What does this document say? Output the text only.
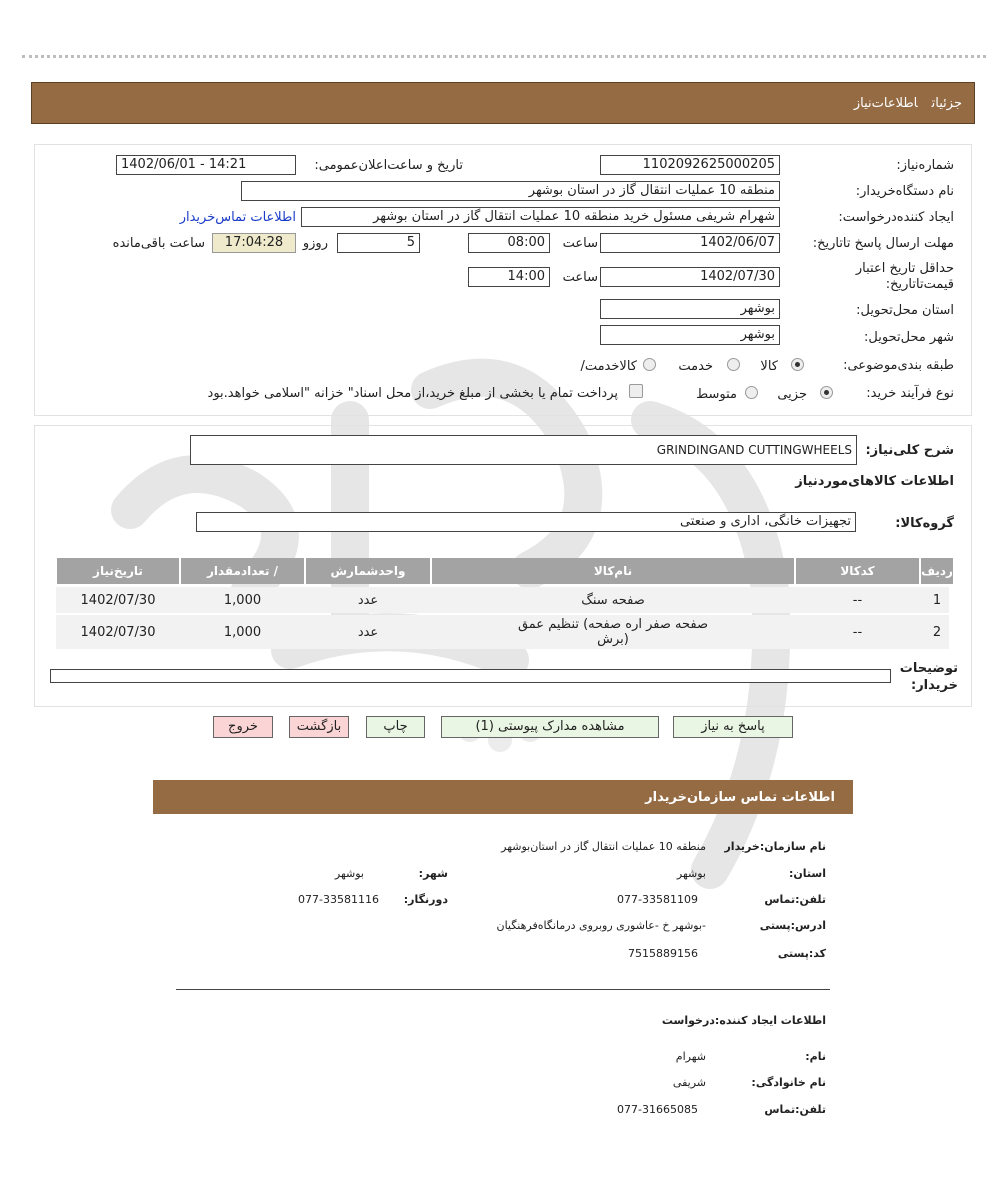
جزئیاتاطلاعات‌نیاز
شماره‌نیاز:
1102092625000205
تاریخ و ساعت‌اعلان‌عمومی:
1402/06/01 - 14:21
نام دستگاه‌خریدار:
منطقه 10 عملیات انتقال گاز در استان بوشهر
ایجاد کننده‌درخواست:
شهرام شریفی مسئول خرید منطقه 10 عملیات انتقال گاز در استان بوشهر
اطلاعات تماس‌خریدار
مهلت ارسال پاسخ تا‌تاریخ:
1402/06/07
ساعت
08:00
5
روزو
17:04:28
ساعت باقی‌مانده
حداقل تاریخ اعتبار قیمت‌تا‌تاریخ:
1402/07/30
ساعت
14:00
استان محل‌تحویل:
بوشهر
شهر محل‌تحویل:
بوشهر
طبقه بندی‌موضوعی:
کالا
خدمت
کالا‌خدمت/
نوع فرآیند خرید:
جزیی
متوسط
پرداخت تمام یا بخشی از مبلغ خرید،از محل اسناد" خزانه "اسلامی خواهد.بود
شرح کلی‌نیاز:
GRINDINGAND CUTTINGWHEELS
اطلاعات کالاهای‌موردنیاز
گروه‌کالا:
تجهیزات خانگی، اداری و صنعتی
ردیف
کدکالا
نام‌کالا
واحدشمارش
تعدادمقدار /
تاریخ‌نیاز
1
--
صفحه سنگ
عدد
1,000
1402/07/30
2
--
صفحه صفر اره صفحه) تنظیم عمق (برش
عدد
1,000
1402/07/30
توضیحات خریدار:
پاسخ به نیاز
مشاهده مدارک پیوستی (1)
چاپ
بازگشت
خروج
اطلاعات تماس سازمان‌خریدار
نام سازمان:‌خریدار
منطقه 10 عملیات انتقال گاز در استان‌بوشهر
استان:
بوشهر
شهر:
بوشهر
تلفن:تماس
077-33581109
دورنگار:
077-33581116
ادرس:پستی
-بوشهر خ -عاشوری روبروی درمانگاه‌فرهنگیان
کد:پستی
7515889156
اطلاعات ایجاد کننده:درخواست
نام:
شهرام
نام خانوادگی:
شریفی
تلفن:تماس
077-31665085
